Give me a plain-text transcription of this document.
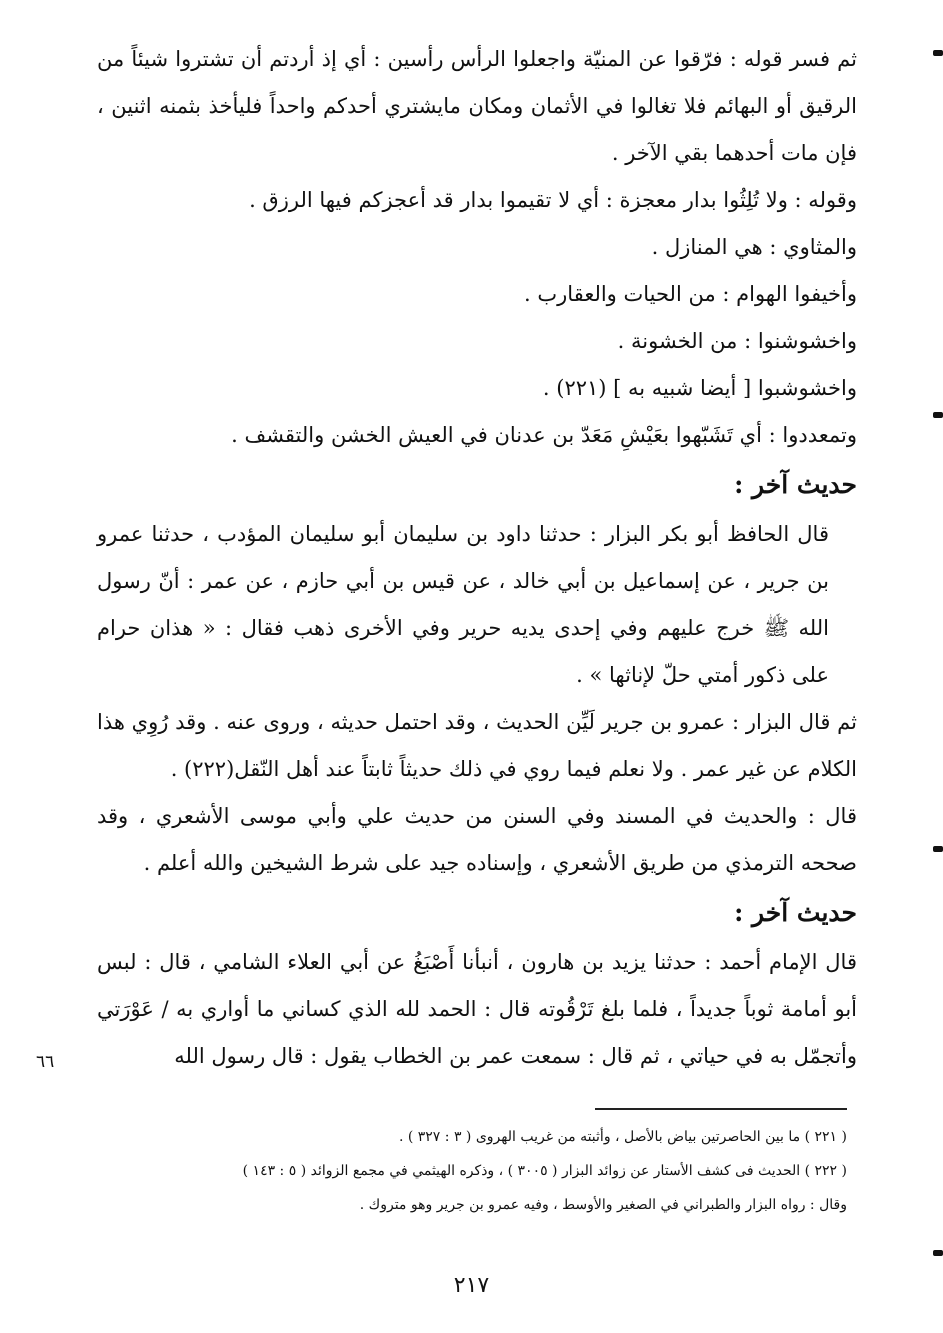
ثم فسر قوله : فرّقوا عن المنيّة واجعلوا الرأس رأسين : أي إذ أردتم أن تشتروا شيئاً من الرقيق أو البهائم فلا تغالوا في الأثمان ومكان مايشتري أحدكم واحداً فليأخذ بثمنه اثنين ، فإن مات أحدهما بقي الآخر .

وقوله : ولا تُلِثُوا بدار معجزة : أي لا تقيموا بدار قد أعجزكم فيها الرزق .

والمثاوي : هي المنازل .

وأخيفوا الهوام : من الحيات والعقارب .

واخشوشنوا : من الخشونة .

واخشوشبوا [ أيضا شبيه به ] (٢٢١) .

وتمعددوا : أي تَشَبّهوا بعَيْشِ مَعَدّ بن عدنان في العيش الخشن والتقشف .

حديث آخر :

قال الحافظ أبو بكر البزار : حدثنا داود بن سليمان أبو سليمان المؤدب ، حدثنا عمرو بن جرير ، عن إسماعيل بن أبي خالد ، عن قيس بن أبي حازم ، عن عمر : أنّ رسول الله ﷺ خرج عليهم وفي إحدى يديه حرير وفي الأخرى ذهب فقال : « هذان حرام على ذكور أمتي حلّ لإناثها » .

ثم قال البزار : عمرو بن جرير لَيِّن الحديث ، وقد احتمل حديثه ، وروى عنه . وقد رُوِي هذا الكلام عن غير عمر . ولا نعلم فيما روي في ذلك حديثاً ثابتاً عند أهل النّقل(٢٢٢) .

قال : والحديث في المسند وفي السنن من حديث علي وأبي موسى الأشعري ، وقد صححه الترمذي من طريق الأشعري ، وإسناده جيد على شرط الشيخين والله أعلم .

حديث آخر :

قال الإمام أحمد : حدثنا يزيد بن هارون ، أنبأنا أَصْبَغُ عن أبي العلاء الشامي ، قال : لبس أبو أمامة ثوباً جديداً ، فلما بلغ تَرْقُوته قال : الحمد لله الذي كساني ما أواري به / عَوْرَتي وأتجمّل به في حياتي ، ثم قال : سمعت عمر بن الخطاب يقول : قال رسول الله

٦٦

( ٢٢١ ) ما بين الحاصرتين بياض بالأصل ، وأثبته من غريب الهروى ( ٣ : ٣٢٧ ) .

( ٢٢٢ ) الحديث فى كشف الأستار عن زوائد البزار ( ٣٠٠٥ ) ، وذكره الهيثمي في مجمع الزوائد ( ٥ : ١٤٣ )

وقال : رواه البزار والطبراني في الصغير والأوسط ، وفيه عمرو بن جرير وهو متروك .

٢١٧
